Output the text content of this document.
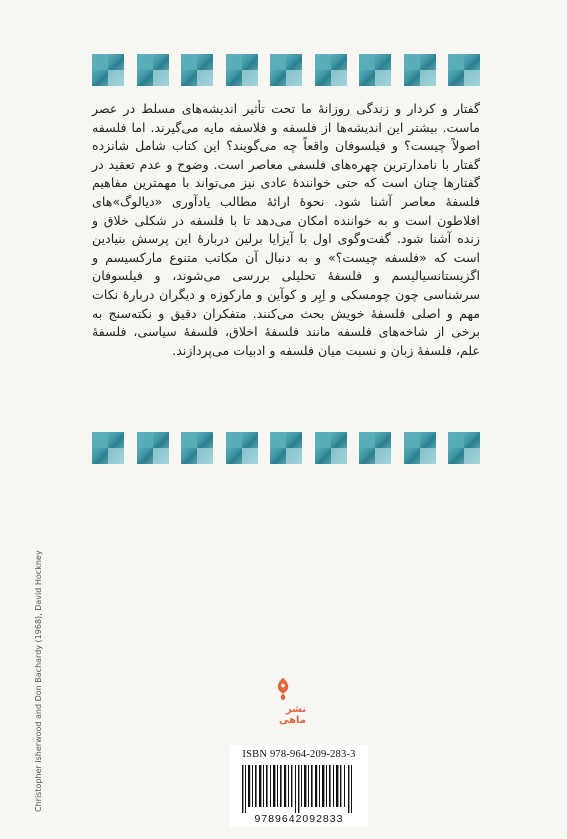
گفتار و کردار و زندگی روزانهٔ ما تحت تأثیر اندیشه‌های مسلط در عصر ماست. بیشتر این اندیشه‌ها از فلسفه و فلاسفه مایه می‌گیرند. اما فلسفه اصولاً چیست؟ و فیلسوفان واقعاً چه می‌گویند؟ این کتاب شامل شانزده گفتار با نامدارترین چهره‌های فلسفی معاصر است. وضوح و عدم تعقید در گفتارها چنان است که حتی خوانندهٔ عادی نیز می‌تواند با مهمترین مفاهیم فلسفهٔ معاصر آشنا شود. نحوهٔ ارائهٔ مطالب یادآوری «دیالوگ»های افلاطون است و به خواننده امکان می‌دهد تا با فلسفه در شکلی خلاق و زنده آشنا شود. گفت‌وگوی اول با آیزایا برلین دربارهٔ این پرسش بنیادین است که «فلسفه چیست؟» و به دنبال آن مکاتب متنوع مارکسیسم و اگزیستانسیالیسم و فلسفهٔ تحلیلی بررسی می‌شوند، و فیلسوفان سرشناسی چون چومسکی و اِیِر و کوآین و مارکوزه و دیگران دربارهٔ نکات مهم و اصلی فلسفهٔ خویش بحث می‌کنند. متفکران دقیق و نکته‌سنج به برخی از شاخه‌های فلسفه مانند فلسفهٔ اخلاق، فلسفهٔ سیاسی، فلسفهٔ علم، فلسفهٔ زبان و نسبت میان فلسفه و ادبیات می‌پردازند.

Christopher Isherwood and Don Bachardy (1968), David Hockney	نشر ماهی
ISBN 978-964-209-283-3
9789642092833
